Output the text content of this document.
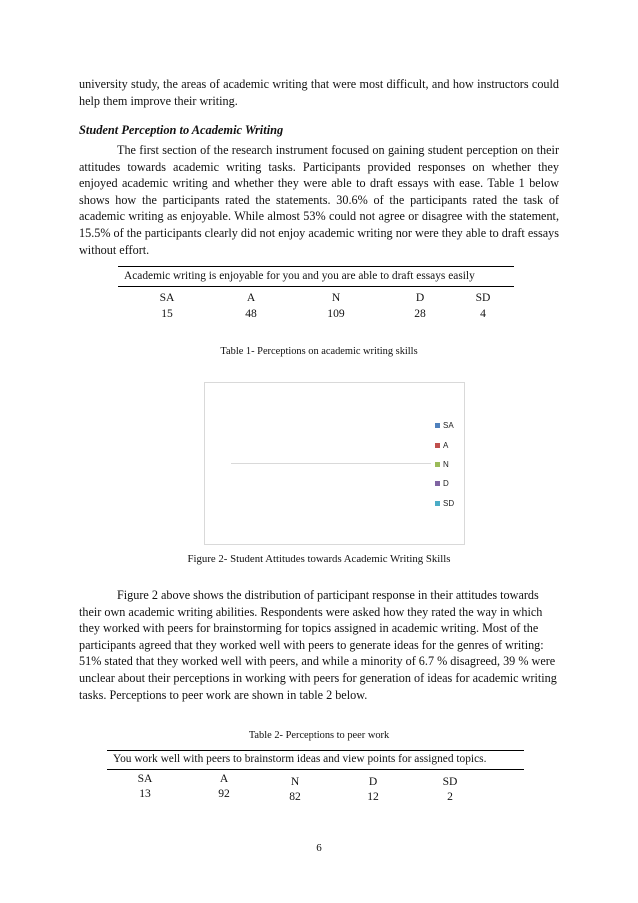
university study, the areas of academic writing that were most difficult, and how instructors could help them improve their writing.
Student Perception to Academic Writing
The first section of the research instrument focused on gaining student perception on their attitudes towards academic writing tasks. Participants provided responses on whether they enjoyed academic writing and whether they were able to draft essays with ease. Table 1 below shows how the participants rated the statements. 30.6% of the participants rated the task of academic writing as enjoyable. While almost 53% could not agree or disagree with the statement, 15.5% of the participants clearly did not enjoy academic writing nor were they able to draft essays without effort.
Academic writing is enjoyable for you and you are able to draft essays easily
SA	A	N	D	SD
15	48	109	28	4
Table 1- Perceptions on academic writing skills
SA
A
N
D
SD
Figure 2- Student Attitudes towards Academic Writing Skills
Figure 2 above shows the distribution of participant response in their attitudes towards their own academic writing abilities. Respondents were asked how they rated the way in which they worked with peers for brainstorming for topics assigned in academic writing. Most of the participants agreed that they worked well with peers to generate ideas for the genres of writing: 51% stated that they worked well with peers, and while a minority of 6.7 % disagreed, 39 % were unclear about their perceptions in working with peers for generation of ideas for academic writing tasks. Perceptions to peer work are shown in table 2 below.
Table 2- Perceptions to peer work
You work well with peers to brainstorm ideas and view points for assigned topics.
SA	A	N	D	SD
13	92	82	12	2
6
